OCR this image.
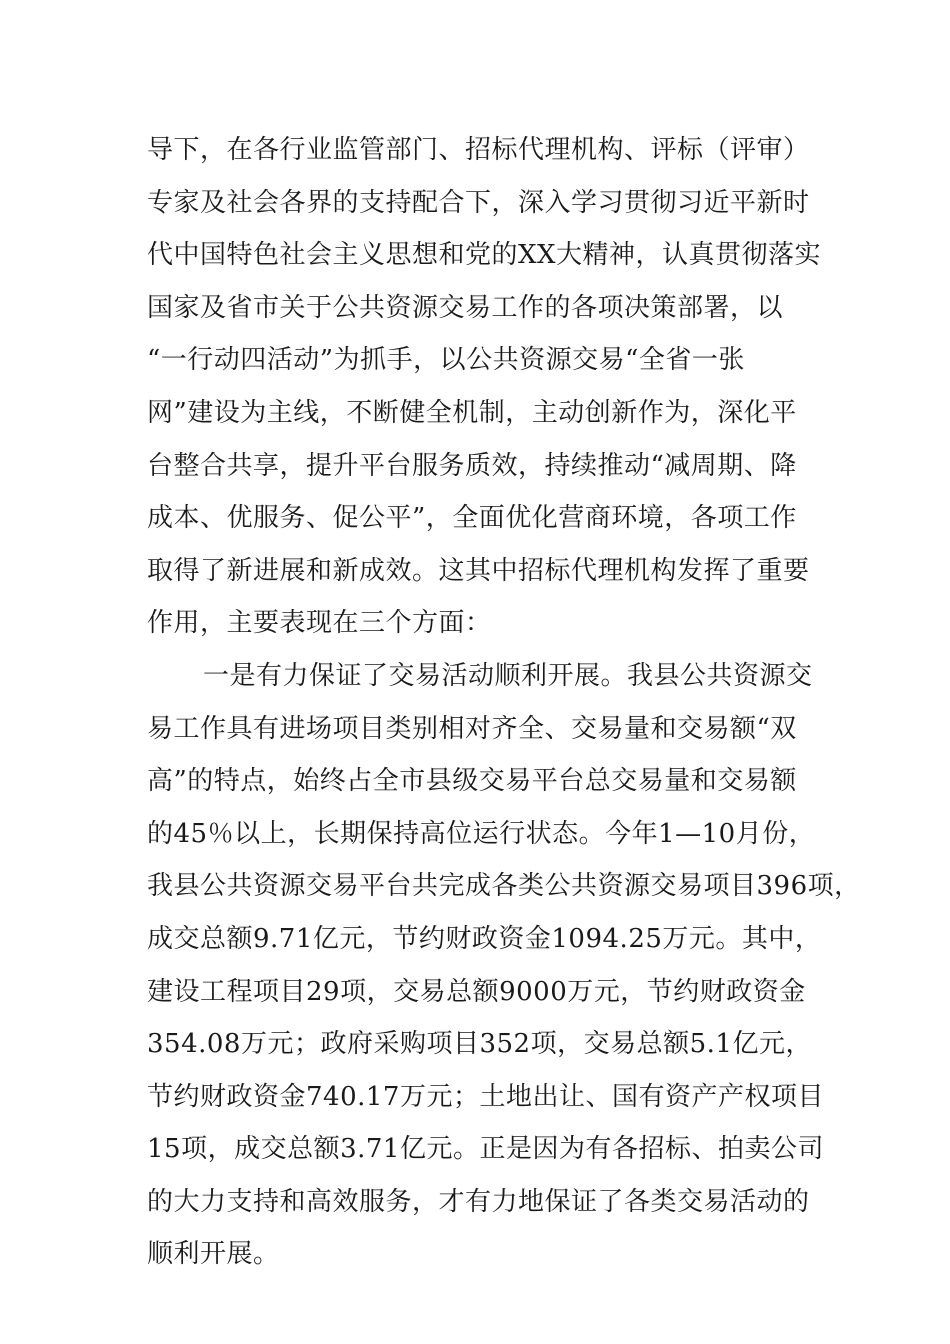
导下，在各行业监管部门、招标代理机构、评标（评审）
专家及社会各界的支持配合下，深入学习贯彻习近平新时
代中国特色社会主义思想和党的XX大精神，认真贯彻落实
国家及省市关于公共资源交易工作的各项决策部署，以
“一行动四活动”为抓手，以公共资源交易“全省一张
网”建设为主线，不断健全机制，主动创新作为，深化平
台整合共享，提升平台服务质效，持续推动“减周期、降
成本、优服务、促公平”，全面优化营商环境，各项工作
取得了新进展和新成效。这其中招标代理机构发挥了重要
作用，主要表现在三个方面：
一是有力保证了交易活动顺利开展。我县公共资源交
易工作具有进场项目类别相对齐全、交易量和交易额“双
高”的特点，始终占全市县级交易平台总交易量和交易额
的45％以上，长期保持高位运行状态。今年1—10月份，
我县公共资源交易平台共完成各类公共资源交易项目396项，
成交总额9.71亿元，节约财政资金1094.25万元。其中，
建设工程项目29项，交易总额9000万元，节约财政资金
354.08万元；政府采购项目352项，交易总额5.1亿元，
节约财政资金740.17万元；土地出让、国有资产产权项目
15项，成交总额3.71亿元。正是因为有各招标、拍卖公司
的大力支持和高效服务，才有力地保证了各类交易活动的
顺利开展。
